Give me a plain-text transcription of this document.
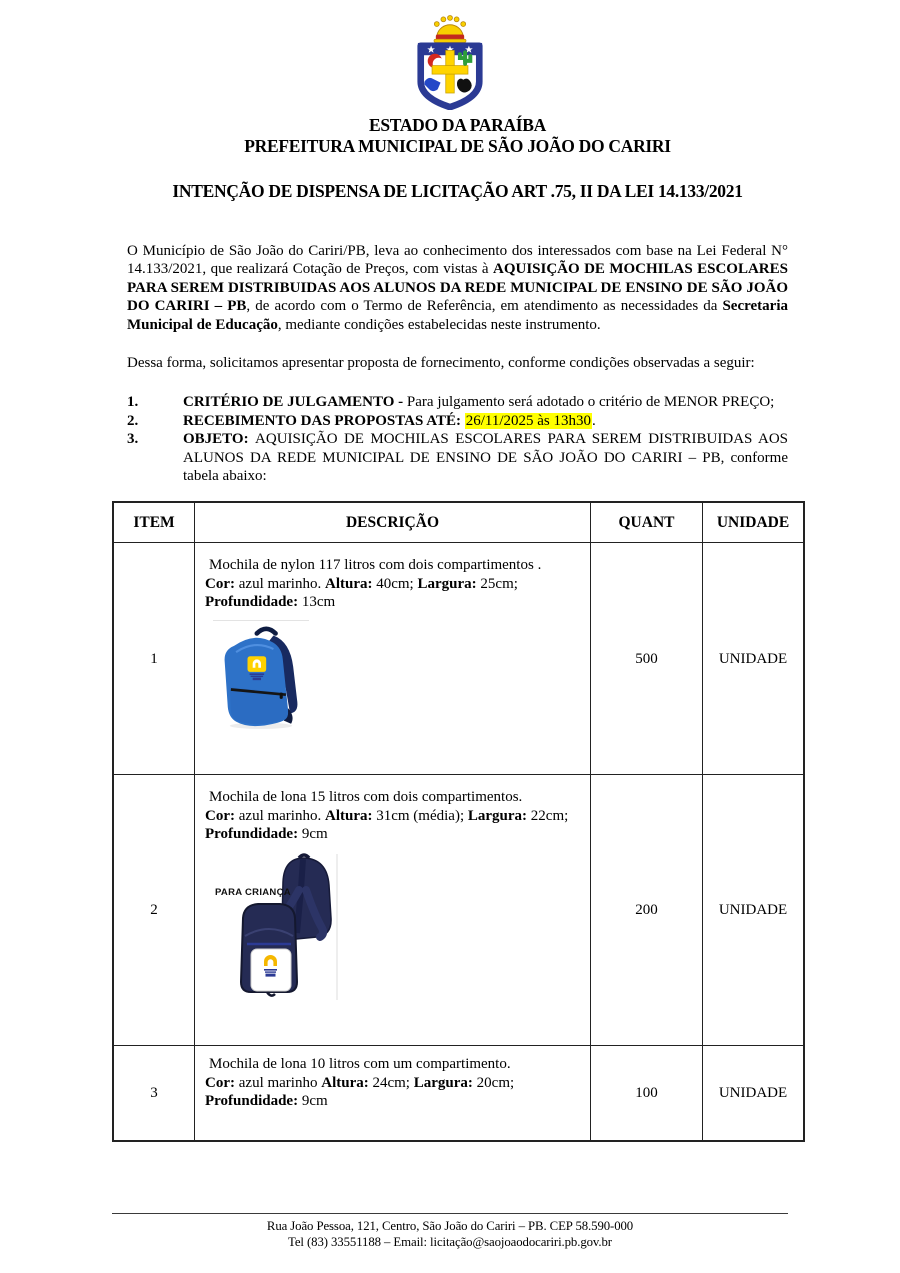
ESTADO DA PARAÍBA
PREFEITURA MUNICIPAL DE SÃO JOÃO DO CARIRI
INTENÇÃO DE DISPENSA DE LICITAÇÃO ART .75, II DA LEI 14.133/2021

O Município de São João do Cariri/PB, leva ao conhecimento dos interessados com base na Lei Federal N° 14.133/2021, que realizará Cotação de Preços, com vistas à AQUISIÇÃO DE MOCHILAS ESCOLARES PARA SEREM DISTRIBUIDAS AOS ALUNOS DA REDE MUNICIPAL DE ENSINO DE SÃO JOÃO DO CARIRI – PB, de acordo com o Termo de Referência, em atendimento as necessidades da Secretaria Municipal de Educação, mediante condições estabelecidas neste instrumento.

Dessa forma, solicitamos apresentar proposta de fornecimento, conforme condições observadas a seguir:

1.	CRITÉRIO DE JULGAMENTO - Para julgamento será adotado o critério de MENOR PREÇO;
2.	RECEBIMENTO DAS PROPOSTAS ATÉ: 26/11/2025 às 13h30.
3.	OBJETO: AQUISIÇÃO DE MOCHILAS ESCOLARES PARA SEREM DISTRIBUIDAS AOS ALUNOS DA REDE MUNICIPAL DE ENSINO DE SÃO JOÃO DO CARIRI – PB, conforme tabela abaixo:
ITEM	DESCRIÇÃO	QUANT	UNIDADE
1	Mochila de nylon 117 litros com dois compartimentos .
Cor: azul marinho. Altura: 40cm; Largura: 25cm;
Profundidade: 13cm	500	UNIDADE
2	Mochila de lona 15 litros com dois compartimentos.
Cor: azul marinho. Altura: 31cm (média); Largura: 22cm; Profundidade: 9cm

PARA CRIANÇA	200	UNIDADE
3	Mochila de lona 10 litros com um compartimento.
Cor: azul marinho Altura: 24cm; Largura: 20cm;
Profundidade: 9cm	100	UNIDADE
Rua João Pessoa, 121, Centro, São João do Cariri – PB. CEP 58.590-000
Tel (83) 33551188 – Email: licitação@saojoaodocariri.pb.gov.br
